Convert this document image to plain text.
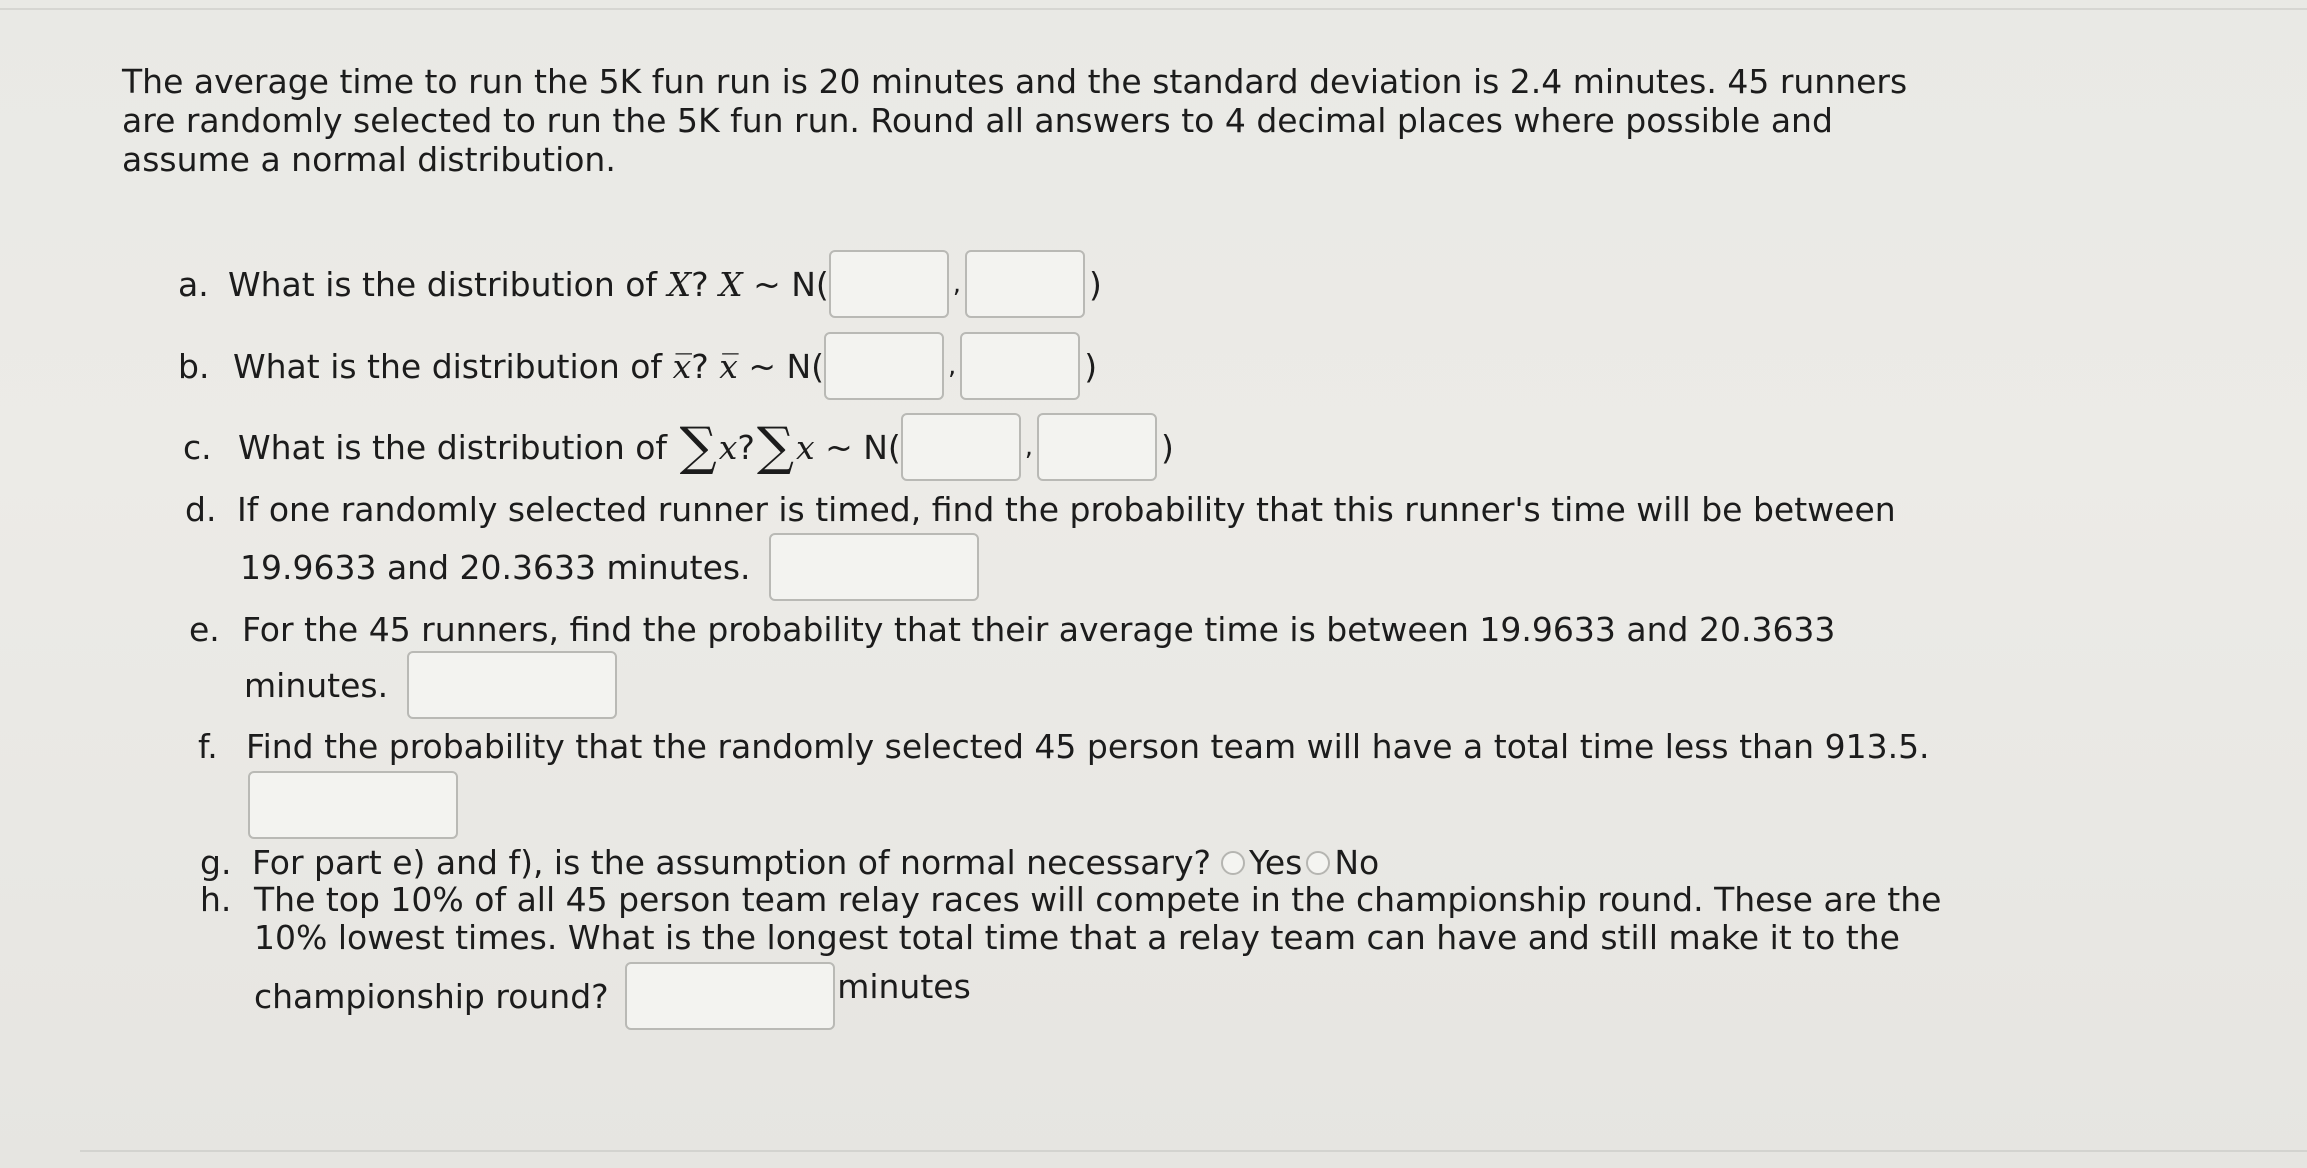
The average time to run the 5K fun run is 20 minutes and the standard deviation is 2.4 minutes. 45 runners are randomly selected to run the 5K fun run. Round all answers to 4 decimal places where possible and assume a normal distribution.
a. What is the distribution of
X ?
X
~ N(	,	)
b. What is the distribution of
x̅ ?
x̅
~ N(	,	)
c. What is the distribution of
∑ x ? ∑ x
~ N(	,	)
d. If one randomly selected runner is timed, find the probability that this runner's time will be between
19.9633 and 20.3633 minutes.

e. For the 45 runners, find the probability that their average time is between 19.9633 and 20.3633
minutes.

f. Find the probability that the randomly selected 45 person team will have a total time less than 913.5.
g. For part e) and f), is the assumption of normal necessary? Yes No
h. The top 10% of all 45 person team relay races will compete in the championship round. These are the
10% lowest times. What is the longest total time that a relay team can have and still make it to the
championship round?
	minutes
